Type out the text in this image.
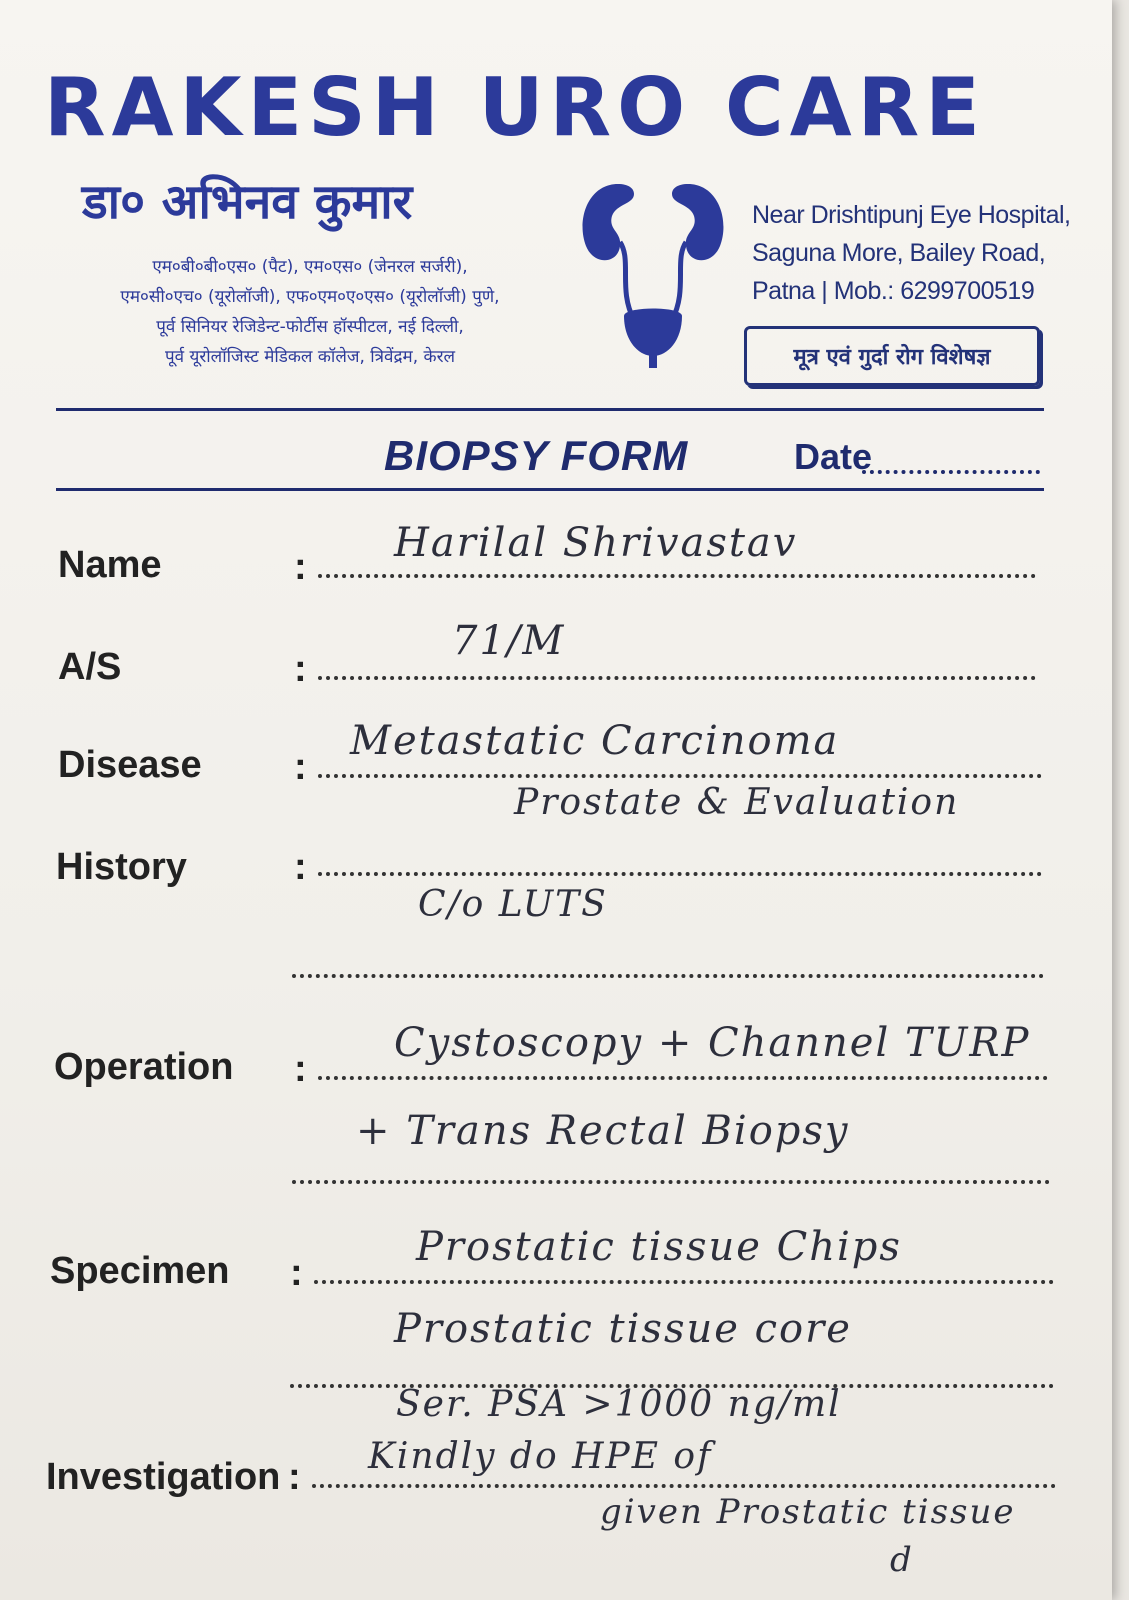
RAKESH URO CARE
डा० अभिनव कुमार
एम०बी०बी०एस० (पैट), एम०एस० (जेनरल सर्जरी),
एम०सी०एच० (यूरोलॉजी), एफ०एम०ए०एस० (यूरोलॉजी) पुणे,
पूर्व सिनियर रेजिडेन्ट-फोर्टीस हॉस्पीटल, नई दिल्ली,
पूर्व यूरोलॉजिस्ट मेडिकल कॉलेज, त्रिवेंद्रम, केरल
Near Drishtipunj Eye Hospital,
Saguna More, Bailey Road,
Patna | Mob.: 6299700519
मूत्र एवं गुर्दा रोग विशेषज्ञ
BIOPSY FORM	Date
Name	:
Harilal Shrivastav
A/S	:
71/M
Disease :
Metastatic Carcinoma
Prostate & Evaluation
History	:
C/o LUTS
Operation :
Cystoscopy + Channel TURP
+ Trans Rectal Biopsy
Specimen :
Prostatic tissue Chips
Prostatic tissue core
Ser. PSA >1000 ng/ml
Investigation : Kindly do HPE of
given Prostatic tissue
d
